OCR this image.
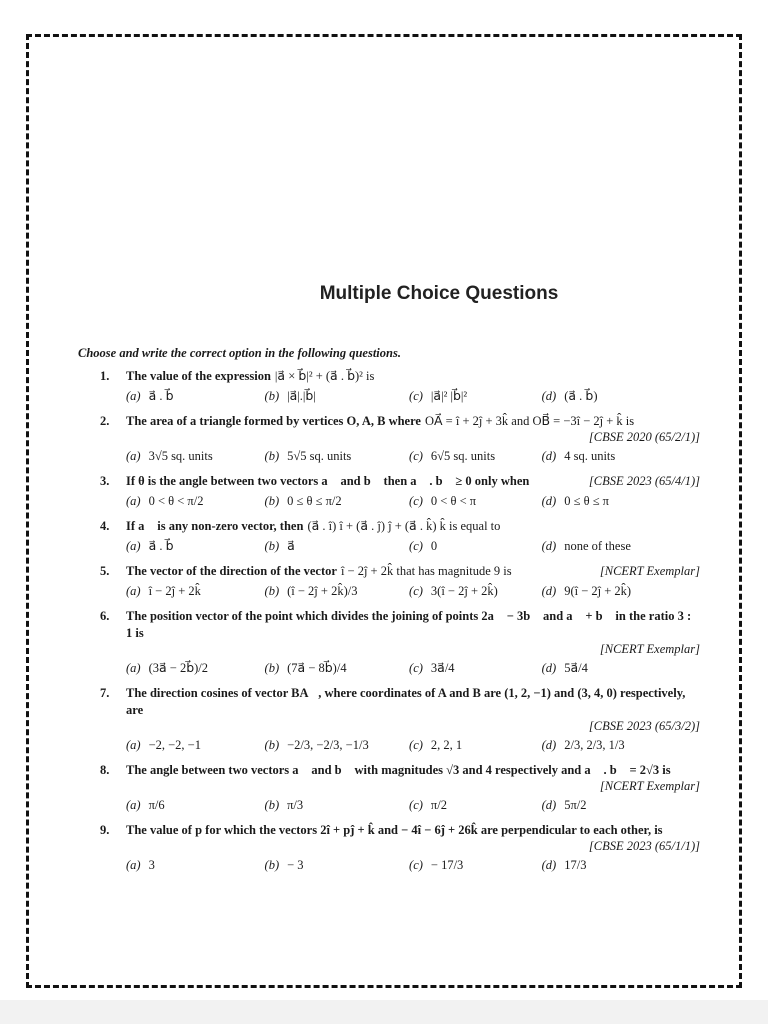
Multiple Choice Questions
Choose and write the correct option in the following questions.
1.	The value of the expression |a⃗ × b⃗|² + (a⃗ . b⃗)² is
(a) a⃗ . b⃗	(b) |a⃗|.|b⃗|	(c) |a⃗|² |b⃗|²	(d) (a⃗ . b⃗)
2.	The area of a triangle formed by vertices O, A, B where OA⃗ = î + 2ĵ + 3k̂ and OB⃗ = −3î − 2ĵ + k̂ is
[CBSE 2020 (65/2/1)]
(a) 3√5 sq. units	(b) 5√5 sq. units	(c) 6√5 sq. units	(d) 4 sq. units
3.	If θ is the angle between two vectors a⃗ and b⃗ then a⃗ . b⃗ ≥ 0 only when	[CBSE 2023 (65/4/1)]
(a) 0 < θ < π/2	(b) 0 ≤ θ ≤ π/2	(c) 0 < θ < π	(d) 0 ≤ θ ≤ π
4.	If a⃗ is any non-zero vector, then (a⃗ . î) î + (a⃗ . ĵ) ĵ + (a⃗ . k̂) k̂ is equal to
(a) a⃗ . b⃗	(b) a⃗	(c) 0	(d) none of these
5.	The vector of the direction of the vector î − 2ĵ + 2k̂ that has magnitude 9 is	[NCERT Exemplar]
(a) î − 2ĵ + 2k̂	(b) (î − 2ĵ + 2k̂)/3	(c) 3(î − 2ĵ + 2k̂)	(d) 9(î − 2ĵ + 2k̂)
6.	The position vector of the point which divides the joining of points 2a⃗ − 3b⃗ and a⃗ + b⃗ in the ratio 3 : 1 is
[NCERT Exemplar]
(a) (3a⃗ − 2b⃗)/2	(b) (7a⃗ − 8b⃗)/4	(c) 3a⃗/4	(d) 5a⃗/4
7.	The direction cosines of vector BA⃗, where coordinates of A and B are (1, 2, −1) and (3, 4, 0) respectively, are
[CBSE 2023 (65/3/2)]
(a) −2, −2, −1	(b) −2/3, −2/3, −1/3	(c) 2, 2, 1	(d) 2/3, 2/3, 1/3
8.	The angle between two vectors a⃗ and b⃗ with magnitudes √3 and 4 respectively and a⃗ . b⃗ = 2√3 is
[NCERT Exemplar]
(a) π/6	(b) π/3	(c) π/2	(d) 5π/2
9.	The value of p for which the vectors 2î + pĵ + k̂ and − 4î − 6ĵ + 26k̂ are perpendicular to each other, is
[CBSE 2023 (65/1/1)]
(a) 3	(b) − 3	(c) − 17/3	(d) 17/3
